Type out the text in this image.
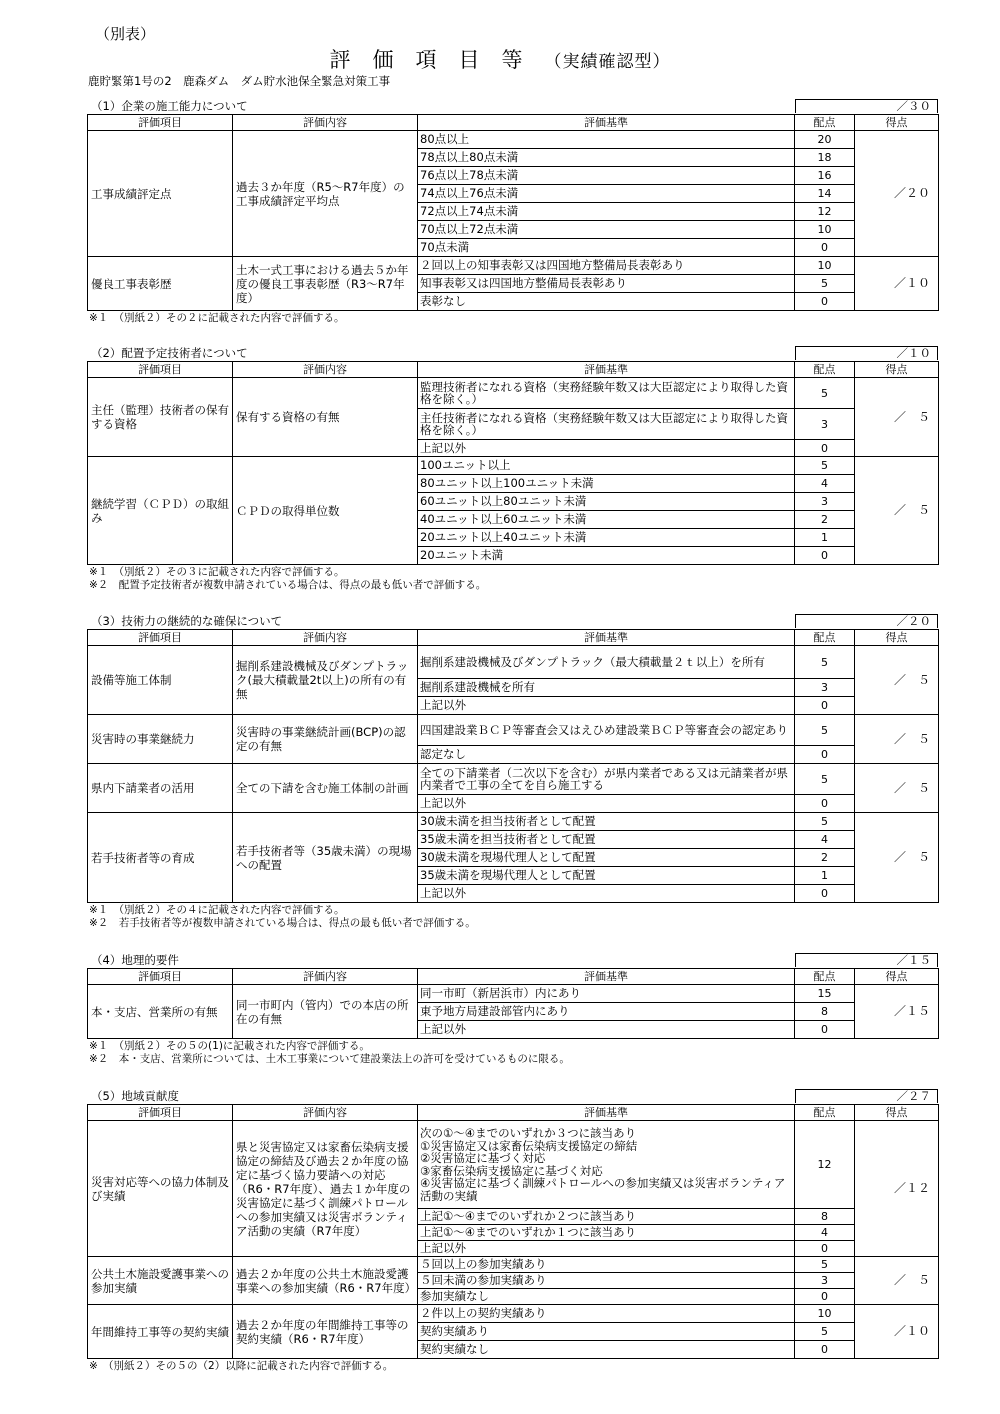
（別表）
評価項目等（実績確認型）
鹿貯緊第1号の2　鹿森ダム　ダム貯水池保全緊急対策工事
（1）企業の施工能力について	／３０
評価項目	評価内容	評価基準	配点	得点
工事成績評定点	過去３か年度（R5～R7年度）の工事成績評定平均点	80点以上	20	／２０
		78点以上80点未満	18	
		76点以上78点未満	16	
		74点以上76点未満	14	
		72点以上74点未満	12	
		70点以上72点未満	10	
		70点未満	0	
優良工事表彰歴	土木一式工事における過去５か年度の優良工事表彰歴（R3～R7年度）	２回以上の知事表彰又は四国地方整備局長表彰あり	10	／１０
		知事表彰又は四国地方整備局長表彰あり	5	
		表彰なし	0	
※１　（別紙２）その２に記載された内容で評価する。
（2）配置予定技術者について	／１０
評価項目	評価内容	評価基準	配点	得点
主任（監理）技術者の保有する資格	保有する資格の有無	監理技術者になれる資格（実務経験年数又は大臣認定により取得した資格を除く。）	5	／　５
		主任技術者になれる資格（実務経験年数又は大臣認定により取得した資格を除く。）	3	
		上記以外	0	
継続学習（ＣＰＤ）の取組み	ＣＰＤの取得単位数	100ユニット以上	5	／　５
		80ユニット以上100ユニット未満	4	
		60ユニット以上80ユニット未満	3	
		40ユニット以上60ユニット未満	2	
		20ユニット以上40ユニット未満	1	
		20ユニット未満	0	
※１　（別紙２）その３に記載された内容で評価する。
※２　配置予定技術者が複数申請されている場合は、得点の最も低い者で評価する。
（3）技術力の継続的な確保について	／２０
評価項目	評価内容	評価基準	配点	得点
設備等施工体制	掘削系建設機械及びダンプトラック(最大積載量2t以上)の所有の有無	掘削系建設機械及びダンプトラック（最大積載量２ｔ以上）を所有	5	／　５
		掘削系建設機械を所有	3	
		上記以外	0	
災害時の事業継続力	災害時の事業継続計画(BCP)の認定の有無	四国建設業ＢＣＰ等審査会又はえひめ建設業ＢＣＰ等審査会の認定あり	5	／　５
		認定なし	0	
県内下請業者の活用	全ての下請を含む施工体制の計画	全ての下請業者（二次以下を含む）が県内業者である又は元請業者が県内業者で工事の全てを自ら施工する	5	／　５
		上記以外	0	
若手技術者等の育成	若手技術者等（35歳未満）の現場への配置	30歳未満を担当技術者として配置	5	／　５
		35歳未満を担当技術者として配置	4	
		30歳未満を現場代理人として配置	2	
		35歳未満を現場代理人として配置	1	
		上記以外	0	
※１　（別紙２）その４に記載された内容で評価する。
※２　若手技術者等が複数申請されている場合は、得点の最も低い者で評価する。
（4）地理的要件	／１５
評価項目	評価内容	評価基準	配点	得点
本・支店、営業所の有無	同一市町内（管内）での本店の所在の有無	同一市町（新居浜市）内にあり	15	／１５
		東予地方局建設部管内にあり	8	
		上記以外	0	
※１　（別紙２）その５の(1)に記載された内容で評価する。
※２　本・支店、営業所については、土木工事業について建設業法上の許可を受けているものに限る。
（5）地域貢献度	／２７
評価項目	評価内容	評価基準	配点	得点
災害対応等への協力体制及び実績	県と災害協定又は家畜伝染病支援協定の締結及び過去２か年度の協定に基づく協力要請への対応（R6・R7年度）、過去１か年度の災害協定に基づく訓練パトロールへの参加実績又は災害ボランティア活動の実績（R7年度）	次の①～④までのいずれか３つに該当あり
①災害協定又は家畜伝染病支援協定の締結
②災害協定に基づく対応
③家畜伝染病支援協定に基づく対応
④災害協定に基づく訓練パトロールへの参加実績又は災害ボランティア活動の実績	12	／１２
		上記①～④までのいずれか２つに該当あり	8	
		上記①～④までのいずれか１つに該当あり	4	
		上記以外	0	
公共土木施設愛護事業への参加実績	過去２か年度の公共土木施設愛護事業への参加実績（R6・R7年度）	５回以上の参加実績あり	5	／　５
		５回未満の参加実績あり	3	
		参加実績なし	0	
年間維持工事等の契約実績	過去２か年度の年間維持工事等の契約実績（R6・R7年度）	２件以上の契約実績あり	10	／１０
		契約実績あり	5	
		契約実績なし	0	
※　（別紙２）その５の（2）以降に記載された内容で評価する。
